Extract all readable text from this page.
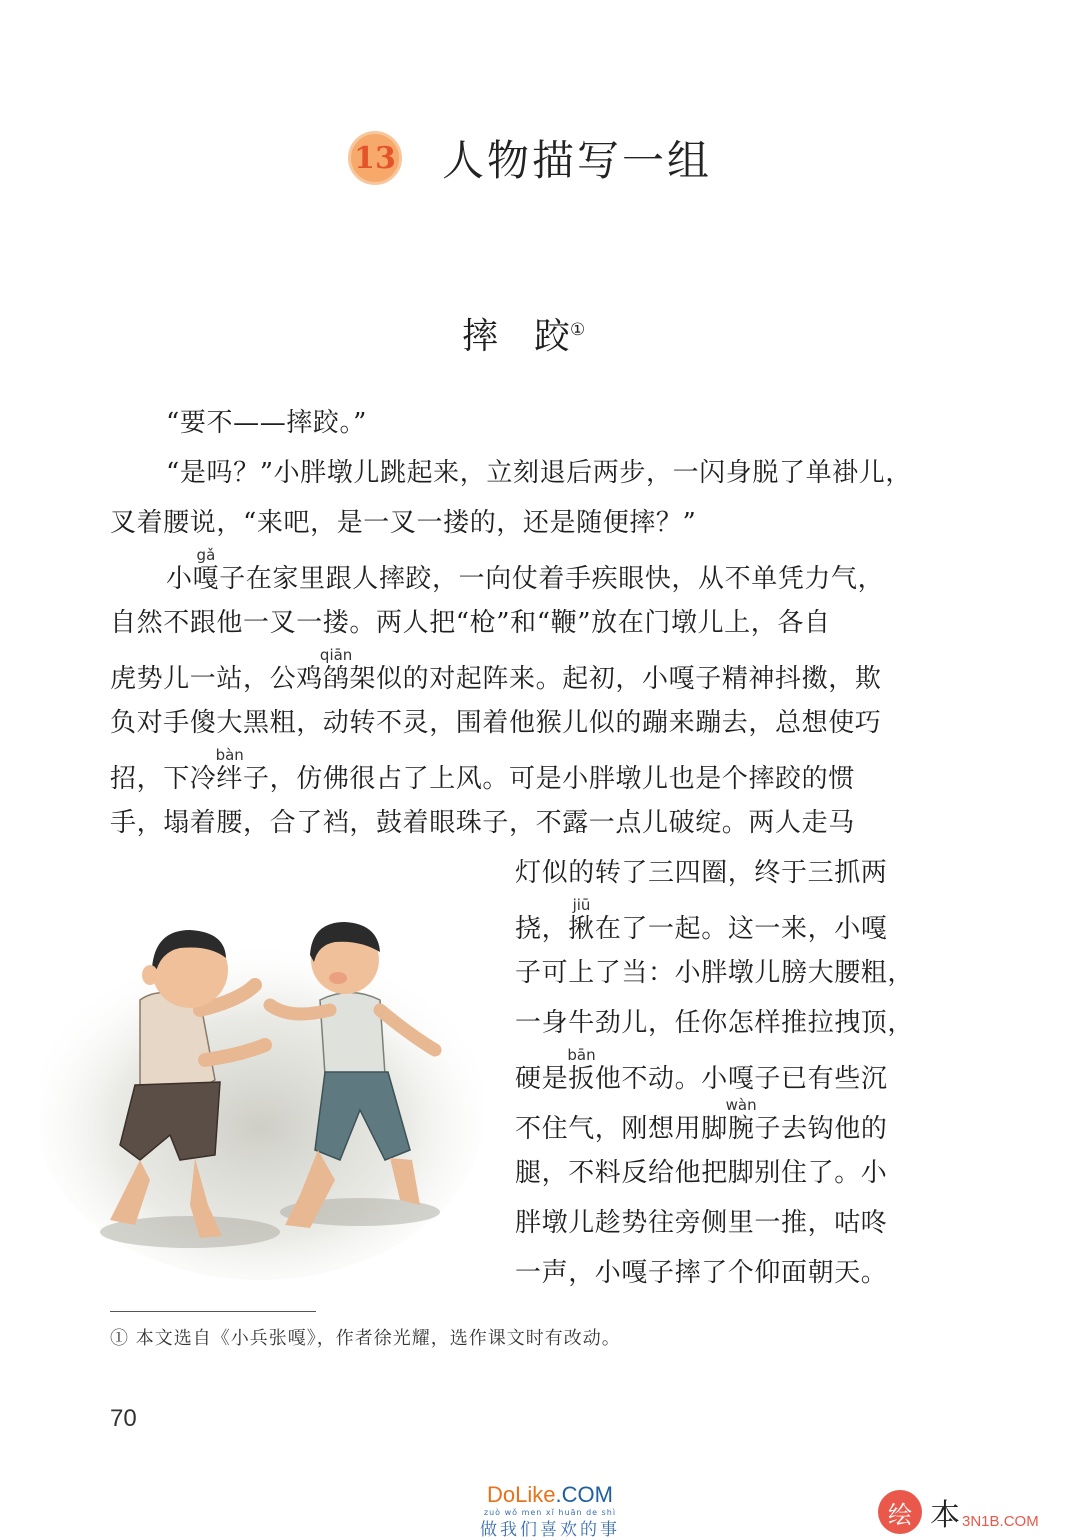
13 人物描写一组
摔　跤①

“要不——摔跤。”

“是吗？”小胖墩儿跳起来，立刻退后两步，一闪身脱了单褂儿，

叉着腰说，“来吧，是一叉一搂的，还是随便摔？”

小嘎gǎ子在家里跟人摔跤，一向仗着手疾眼快，从不单凭力气，

自然不跟他一叉一搂。两人把“枪”和“鞭”放在门墩儿上，各自

虎势儿一站，公鸡鹐qiān架似的对起阵来。起初，小嘎子精神抖擞，欺

负对手傻大黑粗，动转不灵，围着他猴儿似的蹦来蹦去，总想使巧

招，下冷绊bàn子，仿佛很占了上风。可是小胖墩儿也是个摔跤的惯

手，塌着腰，合了裆，鼓着眼珠子，不露一点儿破绽。两人走马

灯似的转了三四圈，终于三抓两

挠，揪jiū在了一起。这一来，小嘎

子可上了当：小胖墩儿膀大腰粗，

一身牛劲儿，任你怎样推拉拽顶，

硬是扳bān他不动。小嘎子已有些沉

不住气，刚想用脚腕wàn子去钩他的

腿，不料反给他把脚别住了。小

胖墩儿趁势往旁侧里一推，咕咚

一声，小嘎子摔了个仰面朝天。

① 本文选自《小兵张嘎》，作者徐光耀，选作课文时有改动。
70
DoLike.COM
zuò wǒ men xǐ huān de shì
做我们喜欢的事
绘 本 3N1B.COM
